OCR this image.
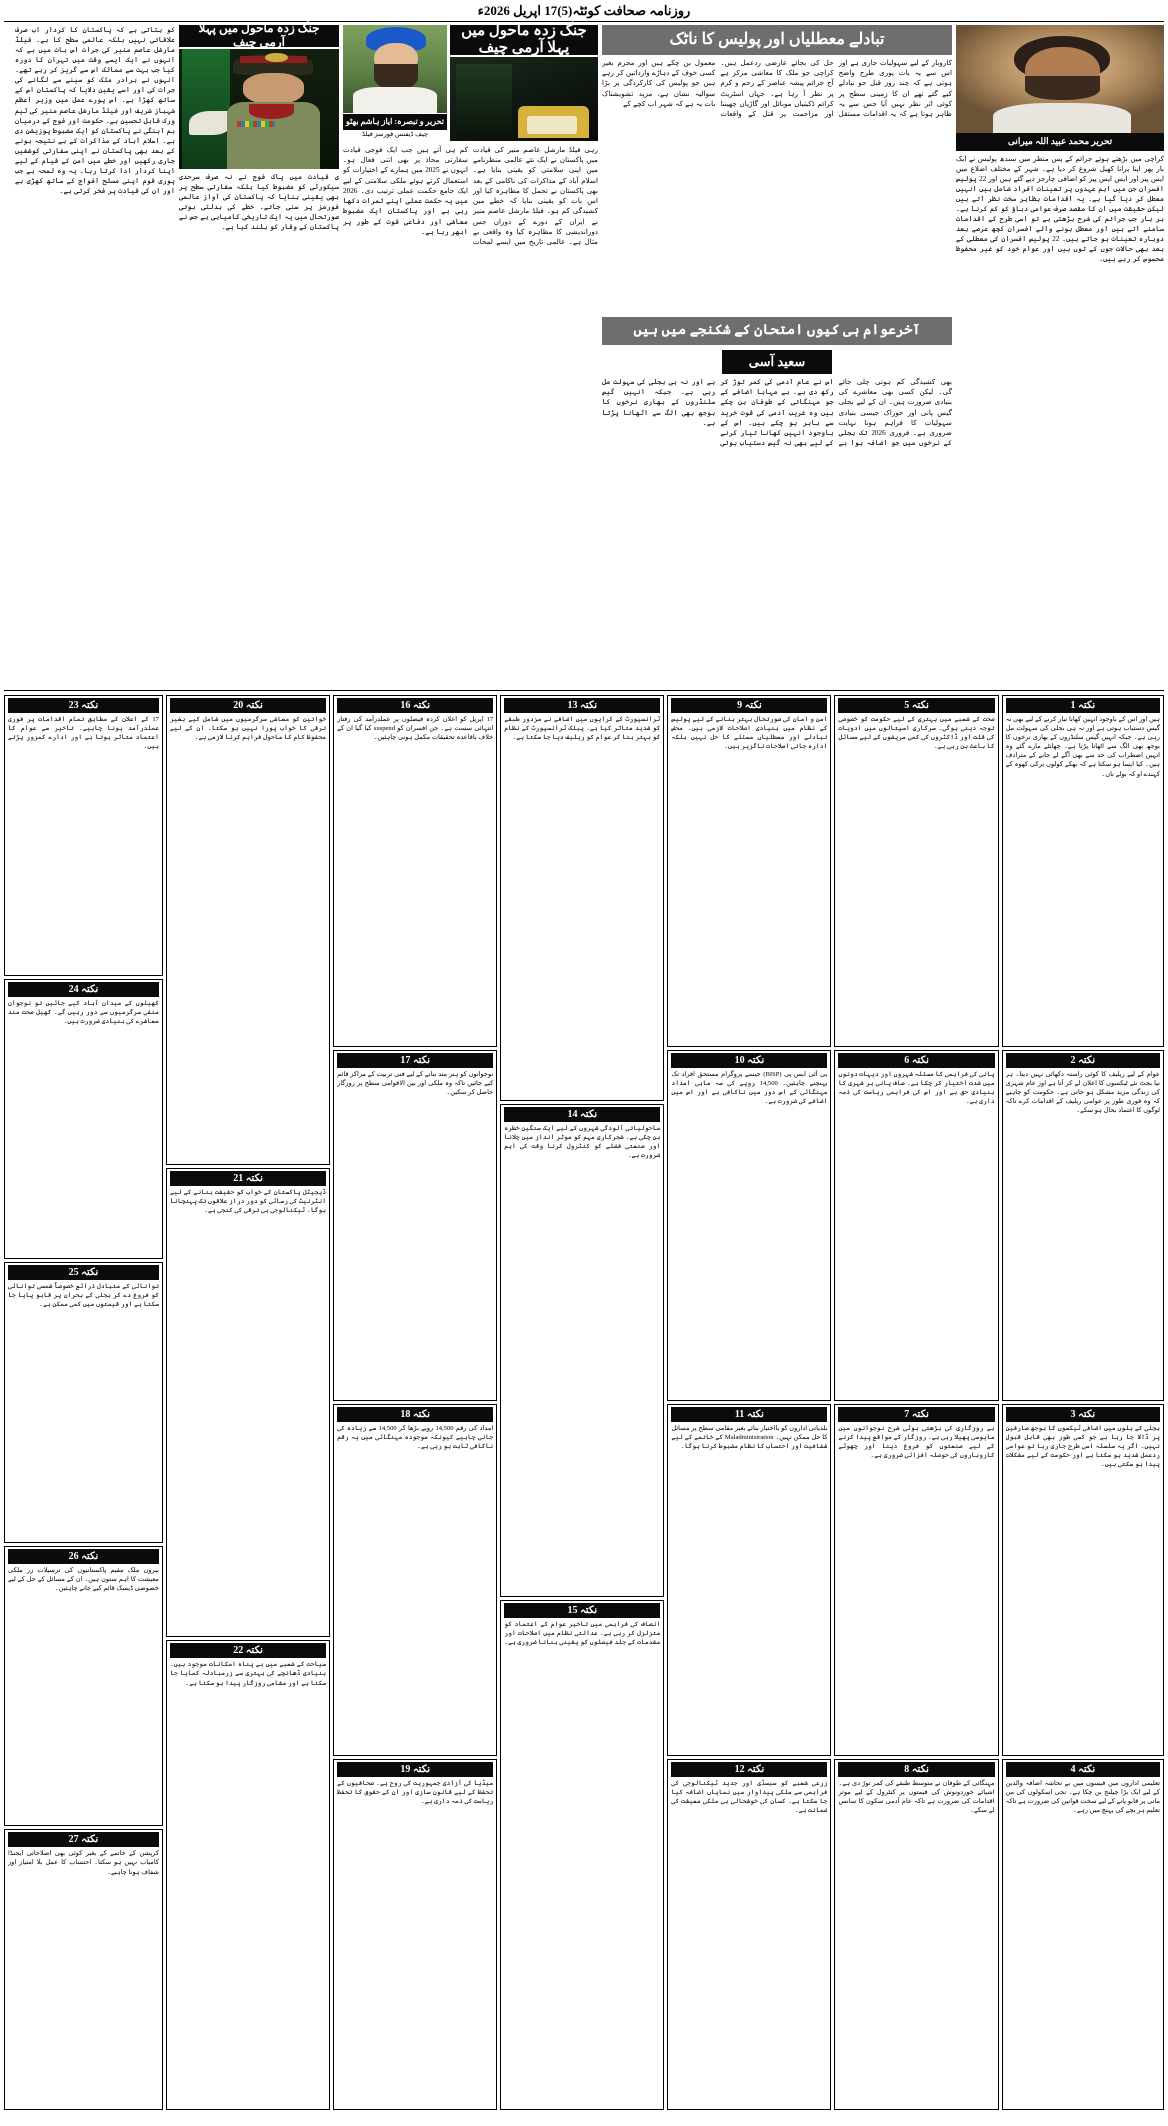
روزنامہ صحافت کوئٹہ(5)17 اپریل 2026ء
تحریر محمد عبید اللہ میرانی
کراچی میں بڑھتے ہوئے جرائم کے پس منظر میں سندھ پولیس نے ایک بار پھر اپنا پرانا کھیل شروع کر دیا ہے۔ شہر کے مختلف اضلاع میں ایس پیز اور ایس ایس پیز کو اضافی چارجز دیے گئے ہیں اور 22 پولیس افسران جن میں اہم عہدوں پر تعینات افراد شامل ہیں انہیں معطل کر دیا گیا ہے۔ یہ اقدامات بظاہر سخت نظر آتے ہیں لیکن حقیقت میں ان کا مقصد صرف عوامی دباؤ کو کم کرنا ہے۔ ہر بار جب جرائم کی شرح بڑھتی ہے تو اسی طرح کے اقدامات سامنے آتے ہیں اور معطل ہونے والے افسران کچھ عرصے بعد دوبارہ تعینات ہو جاتے ہیں۔ 22 پولیس افسران کی معطلی کے بعد بھی حالات جوں کے توں ہیں اور عوام خود کو غیر محفوظ محسوس کر رہے ہیں۔
تبادلے معطلیاں اور پولیس کا ناٹک
کاروبار کے لیے سہولیات جاری ہے اور اس سے یہ بات پوری طرح واضح ہوتی ہے کہ چند روز قبل جو تبادلے کیے گئے تھے ان کا زمینی سطح پر کوئی اثر نظر نہیں آیا جس سے یہ ظاہر ہوتا ہے کہ یہ اقدامات مستقل حل کی بجائے عارضی ردعمل ہیں۔ کراچی جو ملک کا معاشی مرکز ہے آج جرائم پیشہ عناصر کے رحم و کرم پر نظر آ رہا ہے۔ جہاں اسٹریٹ کرائم ڈکیتیاں موبائل اور گاڑیاں چھیننا اور مزاحمت پر قتل کے واقعات معمول بن چکے ہیں اور مجرم بغیر کسی خوف کے دہاڑے وارداتیں کر رہے ہیں جو پولیس کی کارکردگی پر بڑا سوالیہ نشان ہے، مزید تشویشناک بات یہ ہے کہ شہر اب کچے کے
آخرعوام ہی کیوں امتحان کے شکنجے میں ہیں
سعید آسی
بھی کشیدگی کم ہوتی چلی جائے گی۔ لیکن کسی بھی معاشرے کی بنیادی ضرورت ہیں۔ ان کے لیے بجلی گیس پانی اور خوراک جیسی بنیادی سہولیات کا فراہم ہونا نہایت ضروری ہے۔ فروری 2026 تک بجلی کے نرخوں میں جو اضافہ ہوا ہے اس نے عام آدمی کی کمر توڑ کر رکھ دی ہے۔ بے مہابا اضافے کے جو مہنگائی کے طوفان بن چکے ہیں وہ غریب آدمی کی قوت خرید سے باہر ہو چکے ہیں۔ اس کے باوجود انہیں کھانا تیار کرنے کے لیے بھی نہ گیس دستیاب ہوتی ہے اور نہ ہی بجلی کی سہولت مل رہی ہے۔ جبکہ انہیں گیس سلنڈروں کے بھاری نرخوں کا بوجھ بھی الگ سے اٹھانا پڑتا ہے۔
جنگ زدہ ماحول میں پہلا آرمی چیف
تحریر و تبصرہ: ایاز ہاشم بھٹو
چیف ڈیفنس فورسز فیلڈ
رہی فیلڈ مارشل عاصم منیر کی قیادت میں پاکستان نے ایک نئے عالمی منظرنامے میں اپنی سلامتی کو یقینی بنایا ہے۔ اسلام آباد کے مذاکرات کی ناکامی کے بعد بھی پاکستان نے تحمل کا مظاہرہ کیا اور اس بات کو یقینی بنایا کہ خطے میں کشیدگی کم ہو۔ فیلڈ مارشل عاصم منیر نے ایران کے دورے کے دوران جس دوراندیشی کا مظاہرہ کیا وہ واقعی بے مثال ہے۔ عالمی تاریخ میں ایسے لمحات کم ہی آتے ہیں جب ایک فوجی قیادت سفارتی محاذ پر بھی اتنی فعال ہو۔ انہوں نے 2025 میں ہمارے کے اختیارات کو استعمال کرتے ہوئے ملکی سلامتی کے لیے ایک جامع حکمت عملی ترتیب دی۔ 2026 میں یہ حکمت عملی اپنے ثمرات دکھا رہی ہے اور پاکستان ایک مضبوط معاشی اور دفاعی قوت کے طور پر ابھر رہا ہے۔
جنگ زدہ ماحول میں پہلا آرمی چیف
ی قیادت میں پاک فوج نے نہ صرف سرحدی سیکورٹی کو مضبوط کیا بلکہ سفارتی سطح پر بھی یقینی بنایا کہ پاکستان کی آواز عالمی فورمز پر سنی جائے۔ خطے کی بدلتی ہوئی صورتحال میں یہ ایک تاریخی کامیابی ہے جس نے پاکستان کے وقار کو بلند کیا ہے۔
کو بتاتی ہے کہ پاکستان کا کردار اب صرف علاقائی نہیں بلکہ عالمی سطح کا ہے۔ فیلڈ مارشل عاصم منیر کی جرات اس بات میں ہے کہ انہوں نے ایک ایسے وقت میں تہران کا دورہ کیا جب بہت سے ممالک اس سے گریز کر رہے تھے۔ انہوں نے برادر ملک کو سینے سے لگانے کی جرات کی اور اسے یقین دلایا کہ پاکستان اس کے ساتھ کھڑا ہے۔ اس پورے عمل میں وزیر اعظم شہباز شریف اور فیلڈ مارشل عاصم منیر کی ٹیم ورک قابل تحسین ہے۔ حکومت اور فوج کے درمیان ہم آہنگی نے پاکستان کو ایک مضبوط پوزیشن دی ہے۔ اسلام آباد کے مذاکرات کے بے نتیجہ ہونے کے بعد بھی پاکستان نے اپنی سفارتی کوششیں جاری رکھیں اور خطے میں امن کے قیام کے لیے اپنا کردار ادا کرتا رہا۔ یہ وہ لمحہ ہے جب پوری قوم اپنی مسلح افواج کے ساتھ کھڑی ہے اور ان کی قیادت پر فخر کرتی ہے۔
نکتہ 1
ہیں اور اس کے باوجود انہیں کھانا تیار کرنے کے لیے بھی نہ گیس دستیاب ہوتی ہے اور نہ ہی بجلی کی سہولت مل رہی ہے۔ جبکہ انہیں گیس سلنڈروں کے بھاری نرخوں کا بوجھ بھی الگ سے اٹھانا پڑتا ہے۔ چھانٹے مارے گئے وہ انہیں اضطراب کی حد سے بھی آگے لے جانے کے مترادف ہیں۔ کیا ایسا ہو سکتا ہے کہ بھکے کولوں برکی کھوہ کے کہندے او کہ بولے ناں۔
نکتہ 2
عوام کے لیے ریلیف کا کوئی راستہ دکھائی نہیں دیتا۔ ہر نیا بجٹ نئے ٹیکسوں کا اعلان لے کر آتا ہے اور عام شہری کی زندگی مزید مشکل ہو جاتی ہے۔ حکومت کو چاہیے کہ وہ فوری طور پر عوامی ریلیف کے اقدامات کرے تاکہ لوگوں کا اعتماد بحال ہو سکے۔
نکتہ 3
بجلی کے بلوں میں اضافی ٹیکسوں کا بوجھ صارفین پر ڈالا جا رہا ہے جو کسی طور بھی قابل قبول نہیں۔ اگر یہ سلسلہ اسی طرح جاری رہا تو عوامی ردعمل شدید ہو سکتا ہے اور حکومت کے لیے مشکلات پیدا ہو سکتی ہیں۔
نکتہ 4
تعلیمی اداروں میں فیسوں میں بے تحاشہ اضافہ والدین کے لیے ایک بڑا چیلنج بن چکا ہے۔ نجی اسکولوں کی من مانی پر قابو پانے کے لیے سخت قوانین کی ضرورت ہے تاکہ تعلیم ہر بچے کی پہنچ میں رہے۔
نکتہ 5
صحت کے شعبے میں بہتری کے لیے حکومت کو خصوصی توجہ دینی ہوگی۔ سرکاری اسپتالوں میں ادویات کی قلت اور ڈاکٹروں کی کمی مریضوں کے لیے مسائل کا باعث بن رہی ہے۔
نکتہ 6
پانی کی فراہمی کا مسئلہ شہروں اور دیہات دونوں میں شدت اختیار کر چکا ہے۔ صاف پانی ہر شہری کا بنیادی حق ہے اور اس کی فراہمی ریاست کی ذمہ داری ہے۔
نکتہ 7
بے روزگاری کی بڑھتی ہوئی شرح نوجوانوں میں مایوسی پھیلا رہی ہے۔ روزگار کے مواقع پیدا کرنے کے لیے صنعتوں کو فروغ دینا اور چھوٹے کاروباروں کی حوصلہ افزائی ضروری ہے۔
نکتہ 8
مہنگائی کے طوفان نے متوسط طبقے کی کمر توڑ دی ہے۔ اشیائے خوردونوش کی قیمتوں پر کنٹرول کے لیے موثر اقدامات کی ضرورت ہے تاکہ عام آدمی سکون کا سانس لے سکے۔
نکتہ 9
امن و امان کی صورتحال بہتر بنانے کے لیے پولیس کے نظام میں بنیادی اصلاحات لازمی ہیں۔ محض تبادلے اور معطلیاں مسئلے کا حل نہیں بلکہ ادارہ جاتی اصلاحات ناگزیر ہیں۔
نکتہ 10
بی آئی ایس پی (BISP) جیسے پروگرام مستحق افراد تک پہنچنے چاہئیں۔ 14,500 روپے کی سہ ماہی امداد مہنگائی کے اس دور میں ناکافی ہے اور اس میں اضافے کی ضرورت ہے۔
نکتہ 11
بلدیاتی اداروں کو بااختیار بنائے بغیر مقامی سطح پر مسائل کا حل ممکن نہیں۔ Maladministration کے خاتمے کے لیے شفافیت اور احتساب کا نظام مضبوط کرنا ہوگا۔
نکتہ 12
زرعی شعبے کو سبسڈی اور جدید ٹیکنالوجی کی فراہمی سے ملکی پیداوار میں نمایاں اضافہ کیا جا سکتا ہے۔ کسان کی خوشحالی ہی ملکی معیشت کی ضمانت ہے۔
نکتہ 13
ٹرانسپورٹ کے کرایوں میں اضافے نے مزدور طبقے کو شدید متاثر کیا ہے۔ پبلک ٹرانسپورٹ کے نظام کو بہتر بنا کر عوام کو ریلیف دیا جا سکتا ہے۔
نکتہ 14
ماحولیاتی آلودگی شہروں کے لیے ایک سنگین خطرہ بن چکی ہے۔ شجرکاری مہم کو موثر انداز میں چلانا اور صنعتی فضلے کو کنٹرول کرنا وقت کی اہم ضرورت ہے۔
نکتہ 15
انصاف کی فراہمی میں تاخیر عوام کے اعتماد کو متزلزل کر رہی ہے۔ عدالتی نظام میں اصلاحات اور مقدمات کے جلد فیصلوں کو یقینی بنانا ضروری ہے۔
نکتہ 16
17 اپریل کو اعلان کردہ فیصلوں پر عملدرآمد کی رفتار انتہائی سست ہے۔ جن افسران کو suspend کیا گیا ان کے خلاف باقاعدہ تحقیقات مکمل ہونی چاہئیں۔
نکتہ 17
نوجوانوں کو ہنر مند بنانے کے لیے فنی تربیت کے مراکز قائم کیے جائیں تاکہ وہ ملکی اور بین الاقوامی سطح پر روزگار حاصل کر سکیں۔
نکتہ 18
امداد کی رقم 14,500 روپے بڑھا کر 14,500 سے زیادہ کی جانی چاہیے کیونکہ موجودہ مہنگائی میں یہ رقم ناکافی ثابت ہو رہی ہے۔
نکتہ 19
میڈیا کی آزادی جمہوریت کی روح ہے۔ صحافیوں کے تحفظ کے لیے قانون سازی اور ان کے حقوق کا تحفظ ریاست کی ذمہ داری ہے۔
نکتہ 20
خواتین کو معاشی سرگرمیوں میں شامل کیے بغیر ترقی کا خواب پورا نہیں ہو سکتا۔ ان کے لیے محفوظ کام کا ماحول فراہم کرنا لازمی ہے۔
نکتہ 21
ڈیجیٹل پاکستان کے خواب کو حقیقت بنانے کے لیے انٹرنیٹ کی رسائی کو دور دراز علاقوں تک پہنچانا ہوگا۔ ٹیکنالوجی ہی ترقی کی کنجی ہے۔
نکتہ 22
سیاحت کے شعبے میں بے پناہ امکانات موجود ہیں۔ بنیادی ڈھانچے کی بہتری سے زرمبادلہ کمایا جا سکتا ہے اور مقامی روزگار پیدا ہو سکتا ہے۔
نکتہ 23
17 کے اعلان کے مطابق تمام اقدامات پر فوری عملدرآمد ہونا چاہیے۔ تاخیر سے عوام کا اعتماد متاثر ہوتا ہے اور ادارے کمزور پڑتے ہیں۔
نکتہ 24
کھیلوں کے میدان آباد کیے جائیں تو نوجوان منفی سرگرمیوں سے دور رہیں گے۔ کھیل صحت مند معاشرے کی بنیادی ضرورت ہیں۔
نکتہ 25
توانائی کے متبادل ذرائع خصوصاً شمسی توانائی کو فروغ دے کر بجلی کے بحران پر قابو پایا جا سکتا ہے اور قیمتوں میں کمی ممکن ہے۔
نکتہ 26
بیرون ملک مقیم پاکستانیوں کی ترسیلات زر ملکی معیشت کا اہم ستون ہیں۔ ان کے مسائل کے حل کے لیے خصوصی ڈیسک قائم کیے جانے چاہئیں۔
نکتہ 27
کرپشن کے خاتمے کے بغیر کوئی بھی اصلاحاتی ایجنڈا کامیاب نہیں ہو سکتا۔ احتساب کا عمل بلا امتیاز اور شفاف ہونا چاہیے۔
